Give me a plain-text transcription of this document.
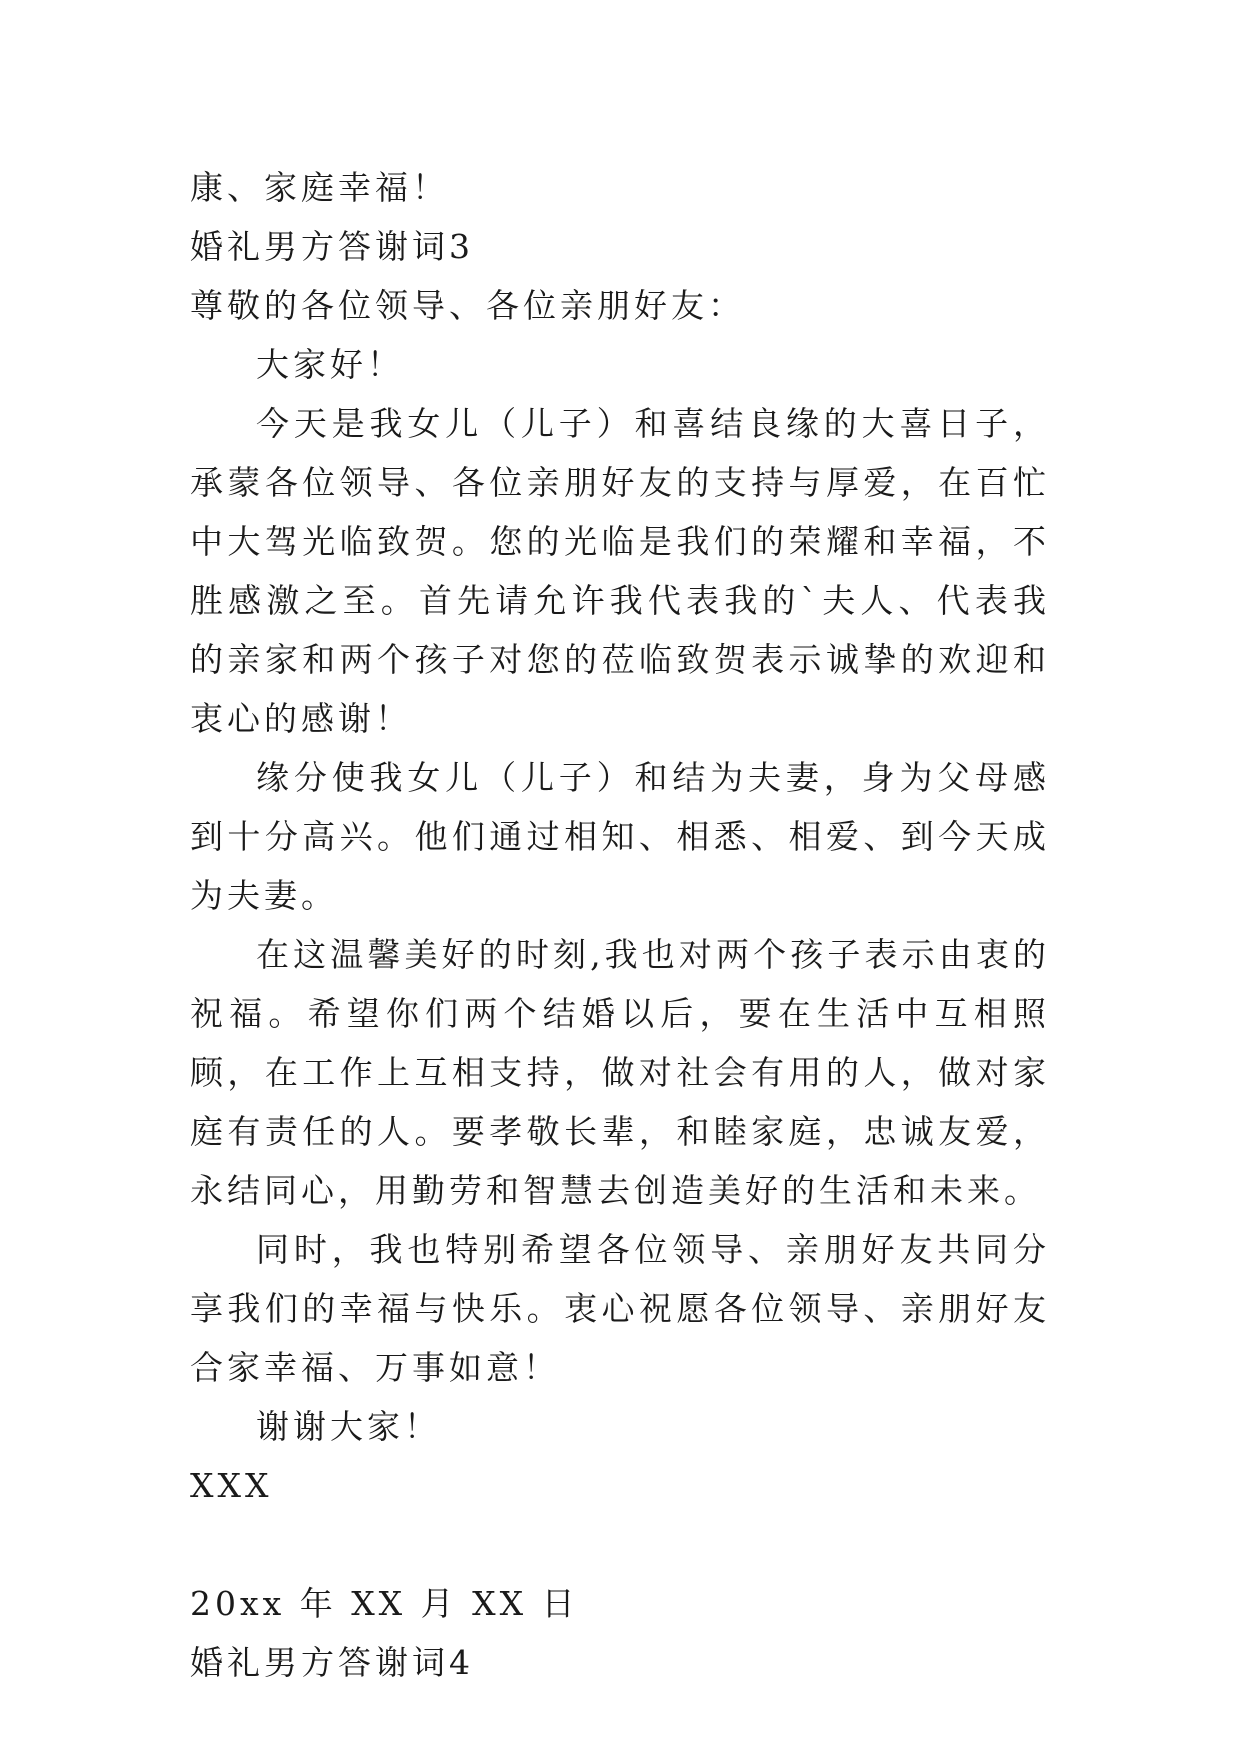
康、家庭幸福！

婚礼男方答谢词3

尊敬的各位领导、各位亲朋好友：

大家好！

今天是我女儿（儿子）和喜结良缘的大喜日子，承蒙各位领导、各位亲朋好友的支持与厚爱，在百忙中大驾光临致贺。您的光临是我们的荣耀和幸福，不胜感激之至。首先请允许我代表我的`夫人、代表我的亲家和两个孩子对您的莅临致贺表示诚挚的欢迎和衷心的感谢！

缘分使我女儿（儿子）和结为夫妻，身为父母感到十分高兴。他们通过相知、相悉、相爱、到今天成为夫妻。

在这温馨美好的时刻,我也对两个孩子表示由衷的祝福。希望你们两个结婚以后，要在生活中互相照顾，在工作上互相支持，做对社会有用的人，做对家庭有责任的人。要孝敬长辈，和睦家庭，忠诚友爱，永结同心，用勤劳和智慧去创造美好的生活和未来。

同时，我也特别希望各位领导、亲朋好友共同分享我们的幸福与快乐。衷心祝愿各位领导、亲朋好友合家幸福、万事如意！

谢谢大家！

XXX

20xx 年 XX 月 XX 日

婚礼男方答谢词4
